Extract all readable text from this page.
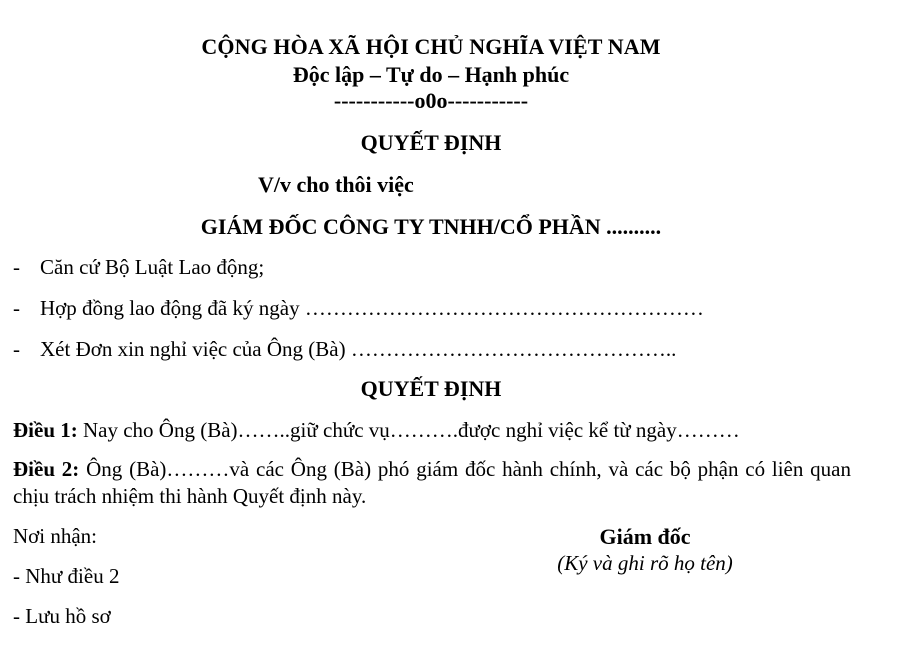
CỘNG HÒA XÃ HỘI CHỦ NGHĨA VIỆT NAM
Độc lập – Tự do – Hạnh phúc
-----------o0o-----------
QUYẾT ĐỊNH
V/v cho thôi việc
GIÁM ĐỐC CÔNG TY TNHH/CỔ PHẦN ..........
- Căn cứ Bộ Luật Lao động;
- Hợp đồng lao động đã ký ngày …………………………………………………
- Xét Đơn xin nghỉ việc của Ông (Bà) ………………………………………..
QUYẾT ĐỊNH
Điều 1: Nay cho Ông (Bà)……..giữ chức vụ……….được nghỉ việc kể từ ngày………
Điều 2: Ông (Bà)………và các Ông (Bà) phó giám đốc hành chính, và các bộ phận có liên quan chịu trách nhiệm thi hành Quyết định này.
Nơi nhận:
- Như điều 2
- Lưu hồ sơ
Giám đốc
(Ký và ghi rõ họ tên)
